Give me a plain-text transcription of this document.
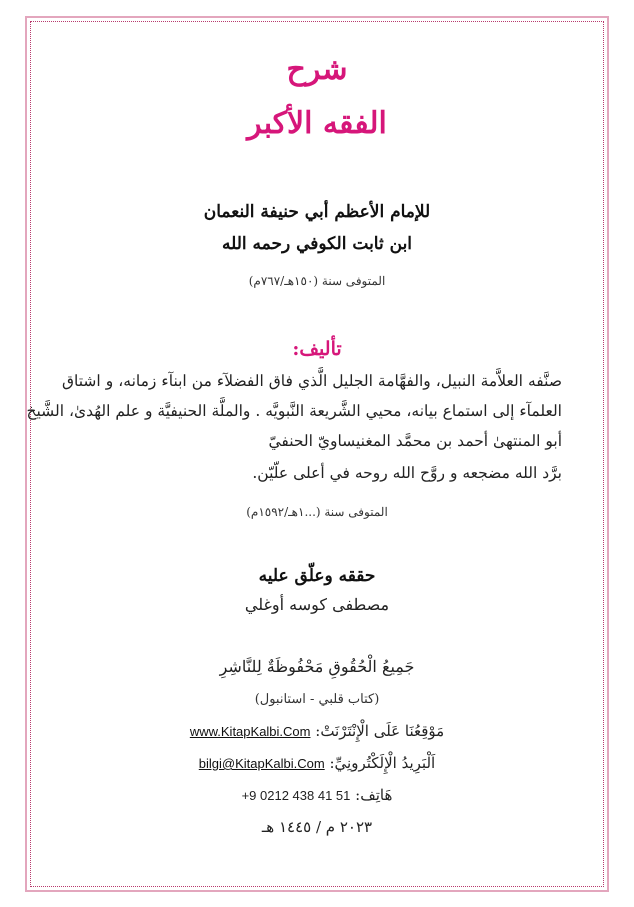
شرح
الفقه الأكبر
للإمام الأعظم أبي حنيفة النعمان
ابن ثابت الكوفي رحمه الله
المتوفى سنة (١٥٠هـ/٧٦٧م)
تأليف:
صنَّفه العلاَّمة النبيل، والفهَّامة الجليل الَّذي فاق الفضلآء من ابنآء زمانه، و اشتاق
العلمآء إلى استماع بيانه، محيي الشَّريعة النَّبويَّه . والملَّة الحنيفيَّة و علم الهُدىٰ، الشَّيخ
أبو المنتهىٰ أحمد بن محمَّد المغنيساويّ الحنفيّ
برَّد الله مضجعه و روَّح الله روحه في أعلى علّيّن.
المتوفى سنة (...١هـ/١٥٩٢م)
حققه وعلّق عليه
مصطفى كوسه أوغلي
جَمِيعُ الْحُقُوقِ مَحْفُوظَةٌ لِلنَّاشِرِ
(كتاب قلبي - استانبول)
مَوْقِعُنَا عَلَى الْإِنْتَرْنَتْ: www.KitapKalbi.Com
اَلْبَرِيدُ الْإِلَكْتُرونِيِّ: bilgi@KitapKalbi.Com
هَاتِف: +9 0212 438 41 51
٢٠٢٣ م / ١٤٤٥ هـ
